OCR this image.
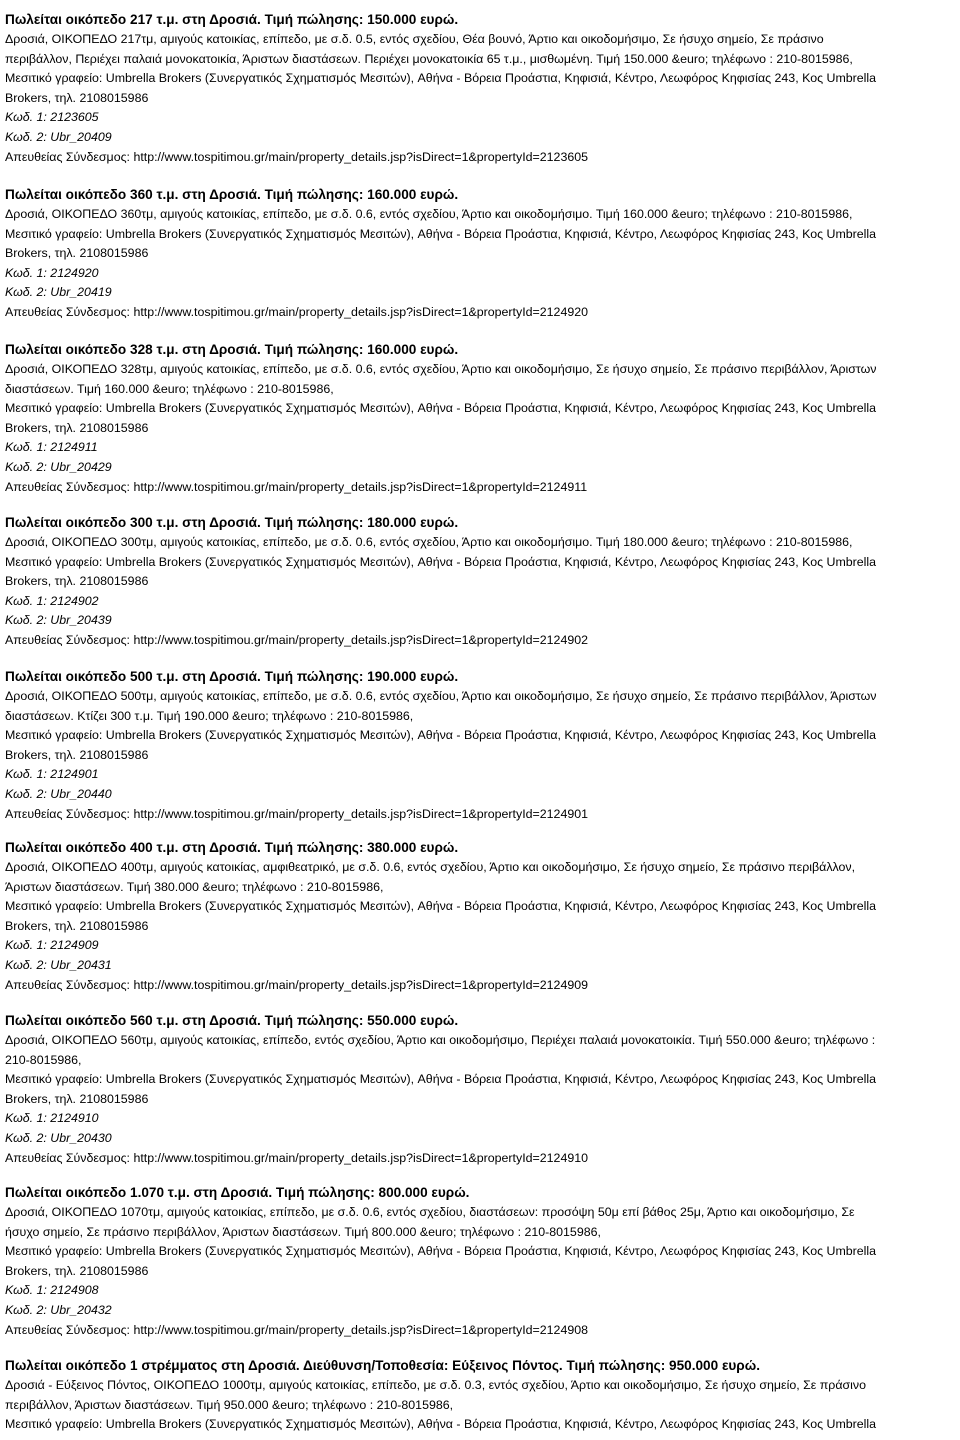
Πωλείται οικόπεδο 217 τ.μ. στη Δροσιά. Τιμή πώλησης: 150.000 ευρώ.
Δροσιά, ΟΙΚΟΠΕΔΟ 217τμ, αμιγούς κατοικίας, επίπεδο, με σ.δ. 0.5, εντός σχεδίου, Θέα βουνό, Άρτιο και οικοδομήσιμο, Σε ήσυχο σημείο, Σε πράσινο
περιβάλλον, Περιέχει παλαιά μονοκατοικία, Άριστων διαστάσεων. Περιέχει μονοκατοικία 65 τ.μ., μισθωμένη. Τιμή 150.000 &euro; τηλέφωνο : 210-8015986,
Μεσιτικό γραφείο: Umbrella Brokers (Συνεργατικός Σχηματισμός Μεσιτών), Αθήνα - Βόρεια Προάστια, Κηφισιά, Κέντρο, Λεωφόρος Κηφισίας 243, Κος Umbrella
Brokers, τηλ. 2108015986
Κωδ. 1: 2123605
Κωδ. 2: Ubr_20409
Απευθείας Σύνδεσμος: http://www.tospitimou.gr/main/property_details.jsp?isDirect=1&propertyId=2123605
Πωλείται οικόπεδο 360 τ.μ. στη Δροσιά. Τιμή πώλησης: 160.000 ευρώ.
Δροσιά, ΟΙΚΟΠΕΔΟ 360τμ, αμιγούς κατοικίας, επίπεδο, με σ.δ. 0.6, εντός σχεδίου, Άρτιο και οικοδομήσιμο. Τιμή 160.000 &euro; τηλέφωνο : 210-8015986,
Μεσιτικό γραφείο: Umbrella Brokers (Συνεργατικός Σχηματισμός Μεσιτών), Αθήνα - Βόρεια Προάστια, Κηφισιά, Κέντρο, Λεωφόρος Κηφισίας 243, Κος Umbrella
Brokers, τηλ. 2108015986
Κωδ. 1: 2124920
Κωδ. 2: Ubr_20419
Απευθείας Σύνδεσμος: http://www.tospitimou.gr/main/property_details.jsp?isDirect=1&propertyId=2124920
Πωλείται οικόπεδο 328 τ.μ. στη Δροσιά. Τιμή πώλησης: 160.000 ευρώ.
Δροσιά, ΟΙΚΟΠΕΔΟ 328τμ, αμιγούς κατοικίας, επίπεδο, με σ.δ. 0.6, εντός σχεδίου, Άρτιο και οικοδομήσιμο, Σε ήσυχο σημείο, Σε πράσινο περιβάλλον, Άριστων
διαστάσεων. Τιμή 160.000 &euro; τηλέφωνο : 210-8015986,
Μεσιτικό γραφείο: Umbrella Brokers (Συνεργατικός Σχηματισμός Μεσιτών), Αθήνα - Βόρεια Προάστια, Κηφισιά, Κέντρο, Λεωφόρος Κηφισίας 243, Κος Umbrella
Brokers, τηλ. 2108015986
Κωδ. 1: 2124911
Κωδ. 2: Ubr_20429
Απευθείας Σύνδεσμος: http://www.tospitimou.gr/main/property_details.jsp?isDirect=1&propertyId=2124911
Πωλείται οικόπεδο 300 τ.μ. στη Δροσιά. Τιμή πώλησης: 180.000 ευρώ.
Δροσιά, ΟΙΚΟΠΕΔΟ 300τμ, αμιγούς κατοικίας, επίπεδο, με σ.δ. 0.6, εντός σχεδίου, Άρτιο και οικοδομήσιμο. Τιμή 180.000 &euro; τηλέφωνο : 210-8015986,
Μεσιτικό γραφείο: Umbrella Brokers (Συνεργατικός Σχηματισμός Μεσιτών), Αθήνα - Βόρεια Προάστια, Κηφισιά, Κέντρο, Λεωφόρος Κηφισίας 243, Κος Umbrella
Brokers, τηλ. 2108015986
Κωδ. 1: 2124902
Κωδ. 2: Ubr_20439
Απευθείας Σύνδεσμος: http://www.tospitimou.gr/main/property_details.jsp?isDirect=1&propertyId=2124902
Πωλείται οικόπεδο 500 τ.μ. στη Δροσιά. Τιμή πώλησης: 190.000 ευρώ.
Δροσιά, ΟΙΚΟΠΕΔΟ 500τμ, αμιγούς κατοικίας, επίπεδο, με σ.δ. 0.6, εντός σχεδίου, Άρτιο και οικοδομήσιμο, Σε ήσυχο σημείο, Σε πράσινο περιβάλλον, Άριστων
διαστάσεων. Κτίζει 300 τ.μ. Τιμή 190.000 &euro; τηλέφωνο : 210-8015986,
Μεσιτικό γραφείο: Umbrella Brokers (Συνεργατικός Σχηματισμός Μεσιτών), Αθήνα - Βόρεια Προάστια, Κηφισιά, Κέντρο, Λεωφόρος Κηφισίας 243, Κος Umbrella
Brokers, τηλ. 2108015986
Κωδ. 1: 2124901
Κωδ. 2: Ubr_20440
Απευθείας Σύνδεσμος: http://www.tospitimou.gr/main/property_details.jsp?isDirect=1&propertyId=2124901
Πωλείται οικόπεδο 400 τ.μ. στη Δροσιά. Τιμή πώλησης: 380.000 ευρώ.
Δροσιά, ΟΙΚΟΠΕΔΟ 400τμ, αμιγούς κατοικίας, αμφιθεατρικό, με σ.δ. 0.6, εντός σχεδίου, Άρτιο και οικοδομήσιμο, Σε ήσυχο σημείο, Σε πράσινο περιβάλλον,
Άριστων διαστάσεων. Τιμή 380.000 &euro; τηλέφωνο : 210-8015986,
Μεσιτικό γραφείο: Umbrella Brokers (Συνεργατικός Σχηματισμός Μεσιτών), Αθήνα - Βόρεια Προάστια, Κηφισιά, Κέντρο, Λεωφόρος Κηφισίας 243, Κος Umbrella
Brokers, τηλ. 2108015986
Κωδ. 1: 2124909
Κωδ. 2: Ubr_20431
Απευθείας Σύνδεσμος: http://www.tospitimou.gr/main/property_details.jsp?isDirect=1&propertyId=2124909
Πωλείται οικόπεδο 560 τ.μ. στη Δροσιά. Τιμή πώλησης: 550.000 ευρώ.
Δροσιά, ΟΙΚΟΠΕΔΟ 560τμ, αμιγούς κατοικίας, επίπεδο, εντός σχεδίου, Άρτιο και οικοδομήσιμο, Περιέχει παλαιά μονοκατοικία. Τιμή 550.000 &euro; τηλέφωνο :
210-8015986,
Μεσιτικό γραφείο: Umbrella Brokers (Συνεργατικός Σχηματισμός Μεσιτών), Αθήνα - Βόρεια Προάστια, Κηφισιά, Κέντρο, Λεωφόρος Κηφισίας 243, Κος Umbrella
Brokers, τηλ. 2108015986
Κωδ. 1: 2124910
Κωδ. 2: Ubr_20430
Απευθείας Σύνδεσμος: http://www.tospitimou.gr/main/property_details.jsp?isDirect=1&propertyId=2124910
Πωλείται οικόπεδο 1.070 τ.μ. στη Δροσιά. Τιμή πώλησης: 800.000 ευρώ.
Δροσιά, ΟΙΚΟΠΕΔΟ 1070τμ, αμιγούς κατοικίας, επίπεδο, με σ.δ. 0.6, εντός σχεδίου, διαστάσεων: προσόψη 50μ επί βάθος 25μ, Άρτιο και οικοδομήσιμο, Σε
ήσυχο σημείο, Σε πράσινο περιβάλλον, Άριστων διαστάσεων. Τιμή 800.000 &euro; τηλέφωνο : 210-8015986,
Μεσιτικό γραφείο: Umbrella Brokers (Συνεργατικός Σχηματισμός Μεσιτών), Αθήνα - Βόρεια Προάστια, Κηφισιά, Κέντρο, Λεωφόρος Κηφισίας 243, Κος Umbrella
Brokers, τηλ. 2108015986
Κωδ. 1: 2124908
Κωδ. 2: Ubr_20432
Απευθείας Σύνδεσμος: http://www.tospitimou.gr/main/property_details.jsp?isDirect=1&propertyId=2124908
Πωλείται οικόπεδο 1 στρέμματος στη Δροσιά. Διεύθυνση/Τοποθεσία: Εύξεινος Πόντος. Τιμή πώλησης: 950.000 ευρώ.
Δροσιά - Εύξεινος Πόντος, ΟΙΚΟΠΕΔΟ 1000τμ, αμιγούς κατοικίας, επίπεδο, με σ.δ. 0.3, εντός σχεδίου, Άρτιο και οικοδομήσιμο, Σε ήσυχο σημείο, Σε πράσινο
περιβάλλον, Άριστων διαστάσεων. Τιμή 950.000 &euro; τηλέφωνο : 210-8015986,
Μεσιτικό γραφείο: Umbrella Brokers (Συνεργατικός Σχηματισμός Μεσιτών), Αθήνα - Βόρεια Προάστια, Κηφισιά, Κέντρο, Λεωφόρος Κηφισίας 243, Κος Umbrella
